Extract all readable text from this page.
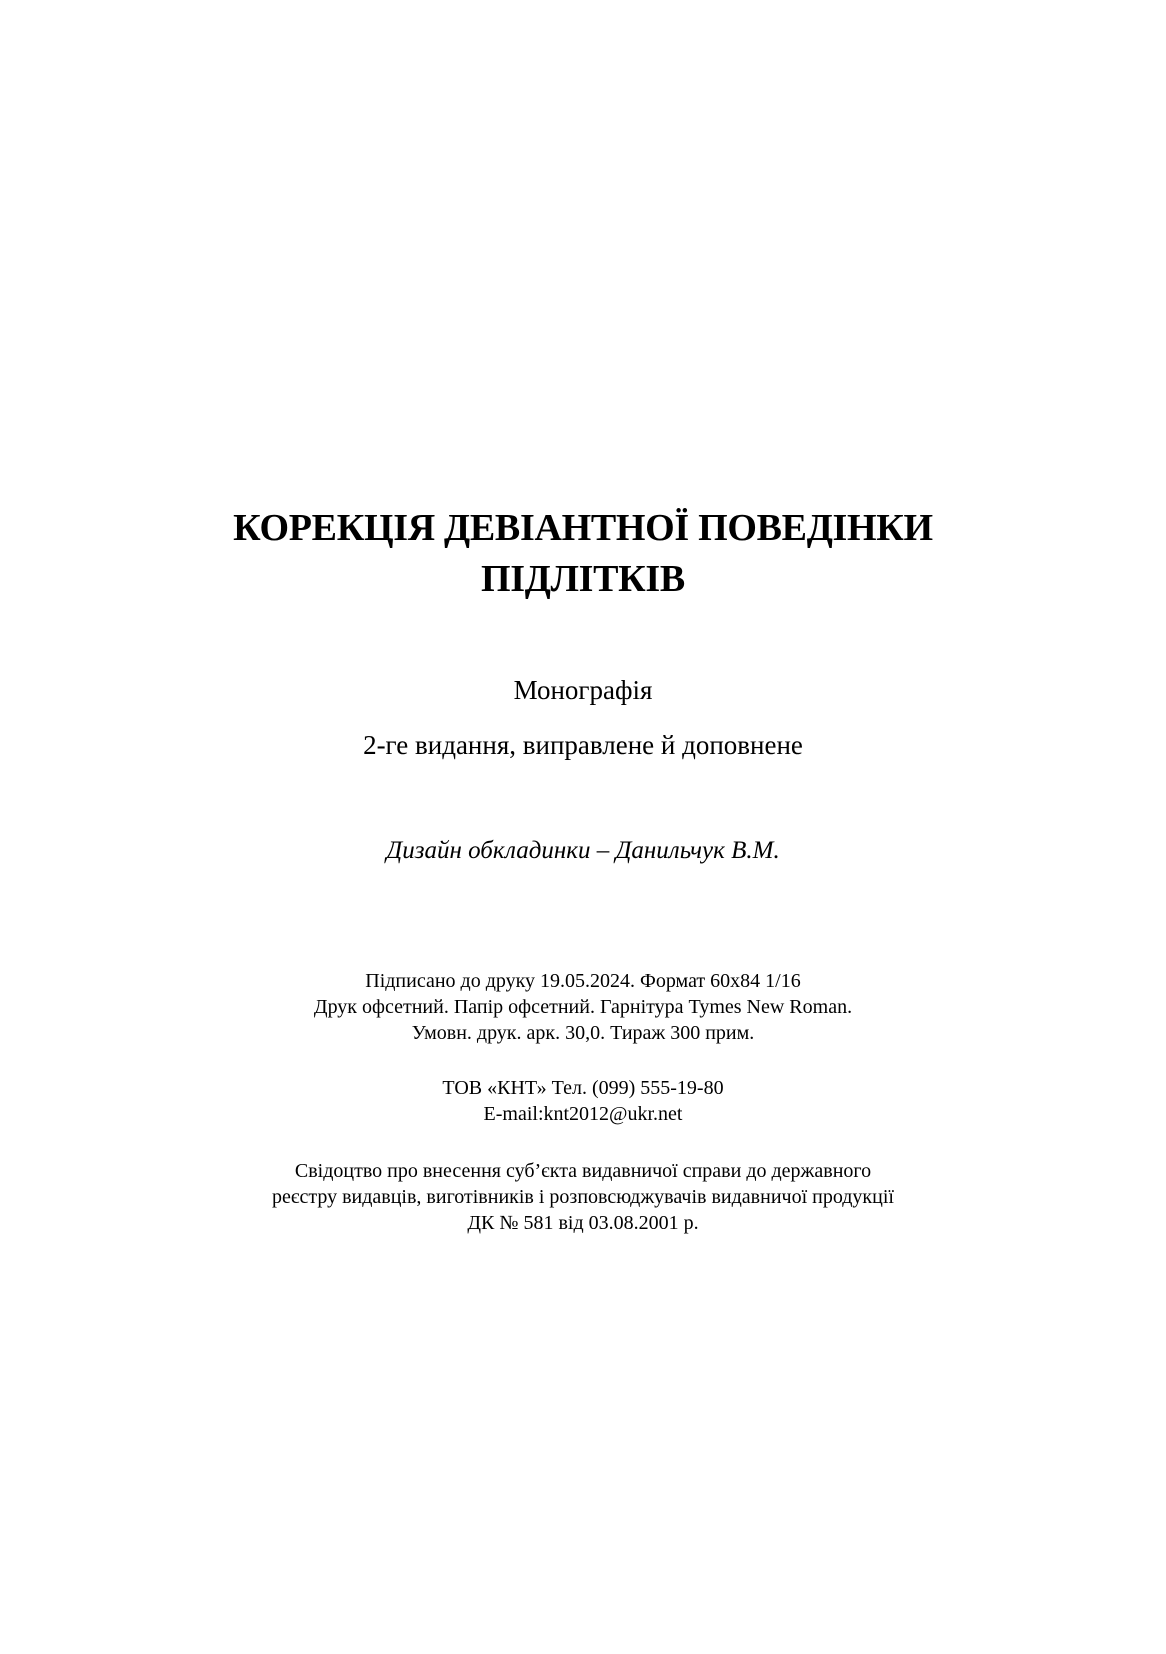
КОРЕКЦІЯ ДЕВІАНТНОЇ ПОВЕДІНКИ
ПІДЛІТКІВ
Монографія
2-ге видання, виправлене й доповнене
Дизайн обкладинки – Данильчук В.М.
Підписано до друку 19.05.2024. Формат 60х84 1/16
Друк офсетний. Папір офсетний. Гарнітура Tymes New Roman.
Умовн. друк. арк. 30,0. Тираж 300 прим.
ТОВ «КНТ» Тел. (099) 555-19-80
E-mail:knt2012@ukr.net
Свідоцтво про внесення суб’єкта видавничої справи до державного
реєстру видавців, виготівників і розповсюджувачів видавничої продукції
ДК № 581 від 03.08.2001 р.
